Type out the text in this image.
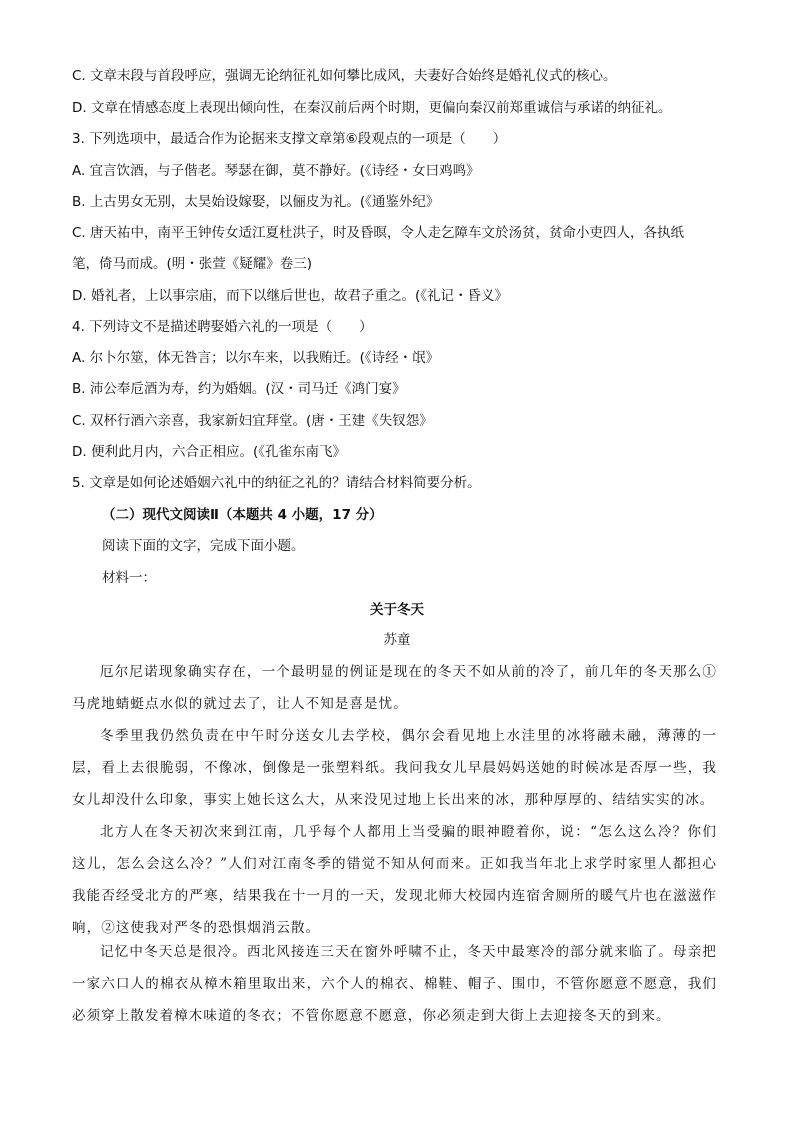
C. 文章末段与首段呼应，强调无论纳征礼如何攀比成风，夫妻好合始终是婚礼仪式的核心。
D. 文章在情感态度上表现出倾向性，在秦汉前后两个时期，更偏向秦汉前郑重诚信与承诺的纳征礼。
3. 下列选项中，最适合作为论据来支撑文章第⑥段观点的一项是（　　）
A. 宜言饮酒，与子偕老。琴瑟在御，莫不静好。(《诗经・女曰鸡鸣》
B. 上古男女无别，太昊始设嫁娶，以俪皮为礼。(《通鉴外纪》
C. 唐天祐中，南平王钟传女适江夏杜洪子，时及昏暝，令人走乞障车文於汤贫，贫命小吏四人，各执纸
笔，倚马而成。(明・张萱《疑耀》卷三)
D. 婚礼者，上以事宗庙，而下以继后世也，故君子重之。(《礼记・昏义》
4. 下列诗文不是描述聘娶婚六礼的一项是（　　）
A. 尔卜尔筮，体无咎言；以尔车来，以我贿迁。(《诗经・氓》
B. 沛公奉卮酒为寿，约为婚姻。(汉・司马迁《鸿门宴》
C. 双杯行酒六亲喜，我家新妇宜拜堂。(唐・王建《失钗怨》
D. 便利此月内，六合正相应。(《孔雀东南飞》
5. 文章是如何论述婚姻六礼中的纳征之礼的？请结合材料简要分析。
（二）现代文阅读Ⅱ（本题共 4 小题，17 分）
阅读下面的文字，完成下面小题。
材料一：
关于冬天
苏童
厄尔尼诺现象确实存在，一个最明显的例证是现在的冬天不如从前的冷了，前几年的冬天那么①马虎地蜻蜓点水似的就过去了，让人不知是喜是忧。
冬季里我仍然负责在中午时分送女儿去学校，偶尔会看见地上水洼里的冰将融未融，薄薄的一层，看上去很脆弱，不像冰，倒像是一张塑料纸。我问我女儿早晨妈妈送她的时候冰是否厚一些，我女儿却没什么印象，事实上她长这么大，从来没见过地上长出来的冰，那种厚厚的、结结实实的冰。
北方人在冬天初次来到江南，几乎每个人都用上当受骗的眼神瞪着你，说：“怎么这么冷？你们这儿，怎么会这么冷？”人们对江南冬季的错觉不知从何而来。正如我当年北上求学时家里人都担心我能否经受北方的严寒，结果我在十一月的一天，发现北师大校园内连宿舍厕所的暖气片也在滋滋作响，②这使我对严冬的恐惧烟消云散。
记忆中冬天总是很冷。西北风接连三天在窗外呼啸不止，冬天中最寒冷的部分就来临了。母亲把一家六口人的棉衣从樟木箱里取出来，六个人的棉衣、棉鞋、帽子、围巾，不管你愿意不愿意，我们必须穿上散发着樟木味道的冬衣；不管你愿意不愿意，你必须走到大街上去迎接冬天的到来。
